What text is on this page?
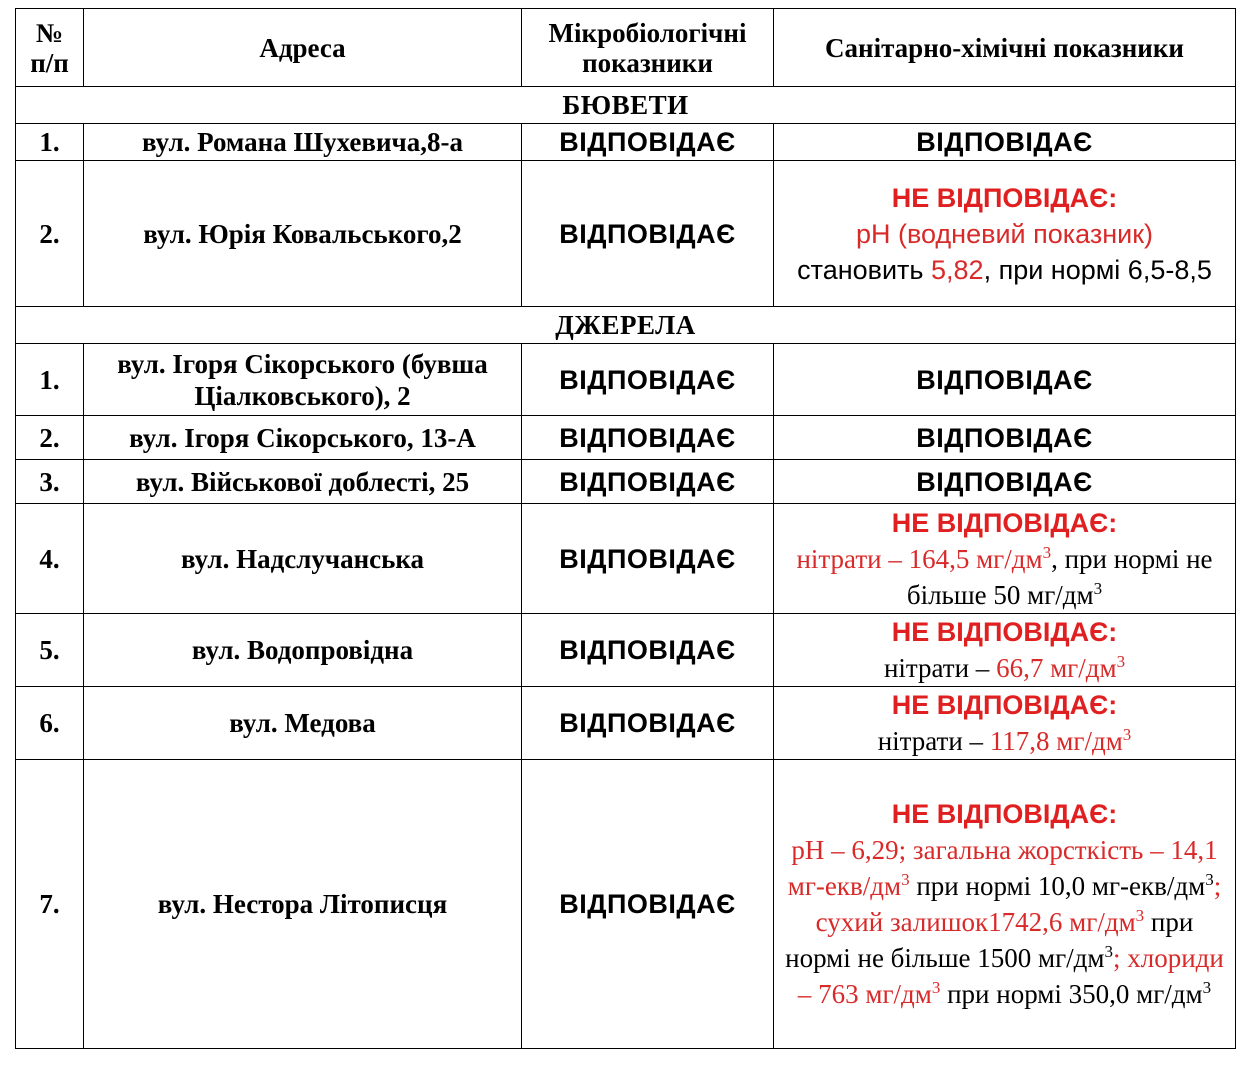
№ п/п	Адреса	Мікробіологічні показники	Санітарно-хімічні показники
БЮВЕТИ			
1.	вул. Романа Шухевича,8-а	ВІДПОВІДАЄ	ВІДПОВІДАЄ
2.	вул. Юрія Ковальського,2	ВІДПОВІДАЄ	НЕ ВІДПОВІДАЄ:
pH (водневий показник)
становить 5,82, при нормі 6,5-8,5

ДЖЕРЕЛА			
1.	вул. Ігоря Сікорського (бувша Ціалковського), 2	ВІДПОВІДАЄ	ВІДПОВІДАЄ
2.	вул. Ігоря Сікорського, 13-А	ВІДПОВІДАЄ	ВІДПОВІДАЄ
3.	вул. Військової доблесті, 25	ВІДПОВІДАЄ	ВІДПОВІДАЄ
4.	вул. Надслучанська	ВІДПОВІДАЄ	НЕ ВІДПОВІДАЄ:
нітрати – 164,5 $мг/дм^3$, при нормі не більше 50 $мг/дм^3$

5.	вул. Водопровідна	ВІДПОВІДАЄ	НЕ ВІДПОВІДАЄ:
нітрати – 66,7 $мг/дм^3$

6.	вул. Медова	ВІДПОВІДАЄ	НЕ ВІДПОВІДАЄ:
нітрати – 117,8 $мг/дм^3$

7.	вул. Нестора Літописця	ВІДПОВІДАЄ	НЕ ВІДПОВІДАЄ:
pH – 6,29; загальна жорсткість – 14,1 $мг-екв/дм^3$ при нормі 10,0 $мг-екв/дм^3$; сухий залишок1742,6 $мг/дм^3$ при нормі не більше 1500 $мг/дм^3$; хлориди – 763 $мг/дм^3$ при нормі 350,0 $мг/дм^3$
